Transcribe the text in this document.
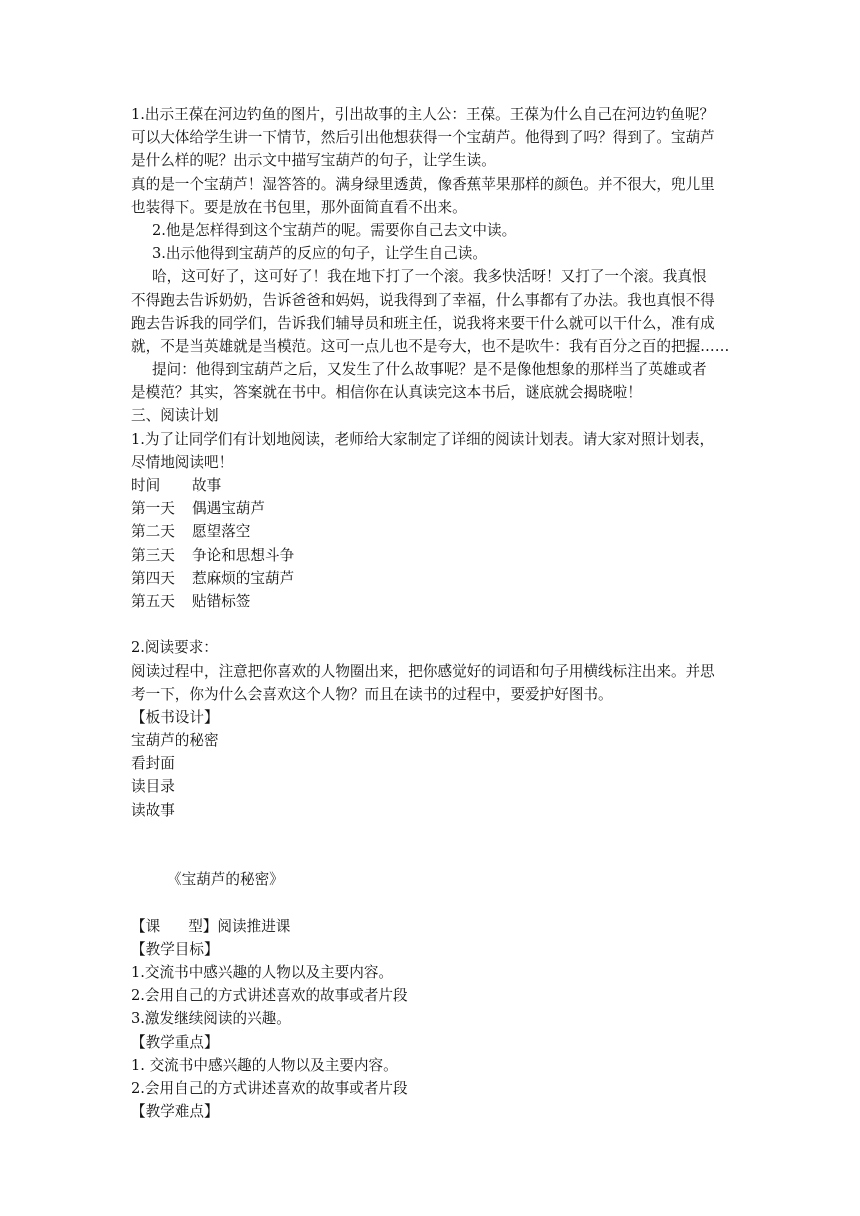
1.出示王葆在河边钓鱼的图片，引出故事的主人公：王葆。王葆为什么自己在河边钓鱼呢？
可以大体给学生讲一下情节，然后引出他想获得一个宝葫芦。他得到了吗？得到了。宝葫芦
是什么样的呢？出示文中描写宝葫芦的句子，让学生读。
真的是一个宝葫芦！湿答答的。满身绿里透黄，像香蕉苹果那样的颜色。并不很大，兜儿里
也装得下。要是放在书包里，那外面简直看不出来。
2.他是怎样得到这个宝葫芦的呢。需要你自己去文中读。
3.出示他得到宝葫芦的反应的句子，让学生自己读。
哈，这可好了，这可好了！我在地下打了一个滚。我多快活呀！又打了一个滚。我真恨
不得跑去告诉奶奶，告诉爸爸和妈妈，说我得到了幸福，什么事都有了办法。我也真恨不得
跑去告诉我的同学们，告诉我们辅导员和班主任，说我将来要干什么就可以干什么，准有成
就，不是当英雄就是当模范。这可一点儿也不是夸大，也不是吹牛：我有百分之百的把握……
提问：他得到宝葫芦之后，又发生了什么故事呢？是不是像他想象的那样当了英雄或者
是模范？其实，答案就在书中。相信你在认真读完这本书后，谜底就会揭晓啦！
三、阅读计划
1.为了让同学们有计划地阅读，老师给大家制定了详细的阅读计划表。请大家对照计划表，
尽情地阅读吧！
时间	故事
第一天	偶遇宝葫芦
第二天	愿望落空
第三天	争论和思想斗争
第四天	惹麻烦的宝葫芦
第五天	贴错标签
2.阅读要求：
阅读过程中，注意把你喜欢的人物圈出来，把你感觉好的词语和句子用横线标注出来。并思
考一下，你为什么会喜欢这个人物？而且在读书的过程中，要爱护好图书。
【板书设计】
宝葫芦的秘密
看封面
读目录
读故事
《宝葫芦的秘密》
【课 型】阅读推进课
【教学目标】
1.交流书中感兴趣的人物以及主要内容。
2.会用自己的方式讲述喜欢的故事或者片段
3.激发继续阅读的兴趣。
【教学重点】
1. 交流书中感兴趣的人物以及主要内容。
2.会用自己的方式讲述喜欢的故事或者片段
【教学难点】
